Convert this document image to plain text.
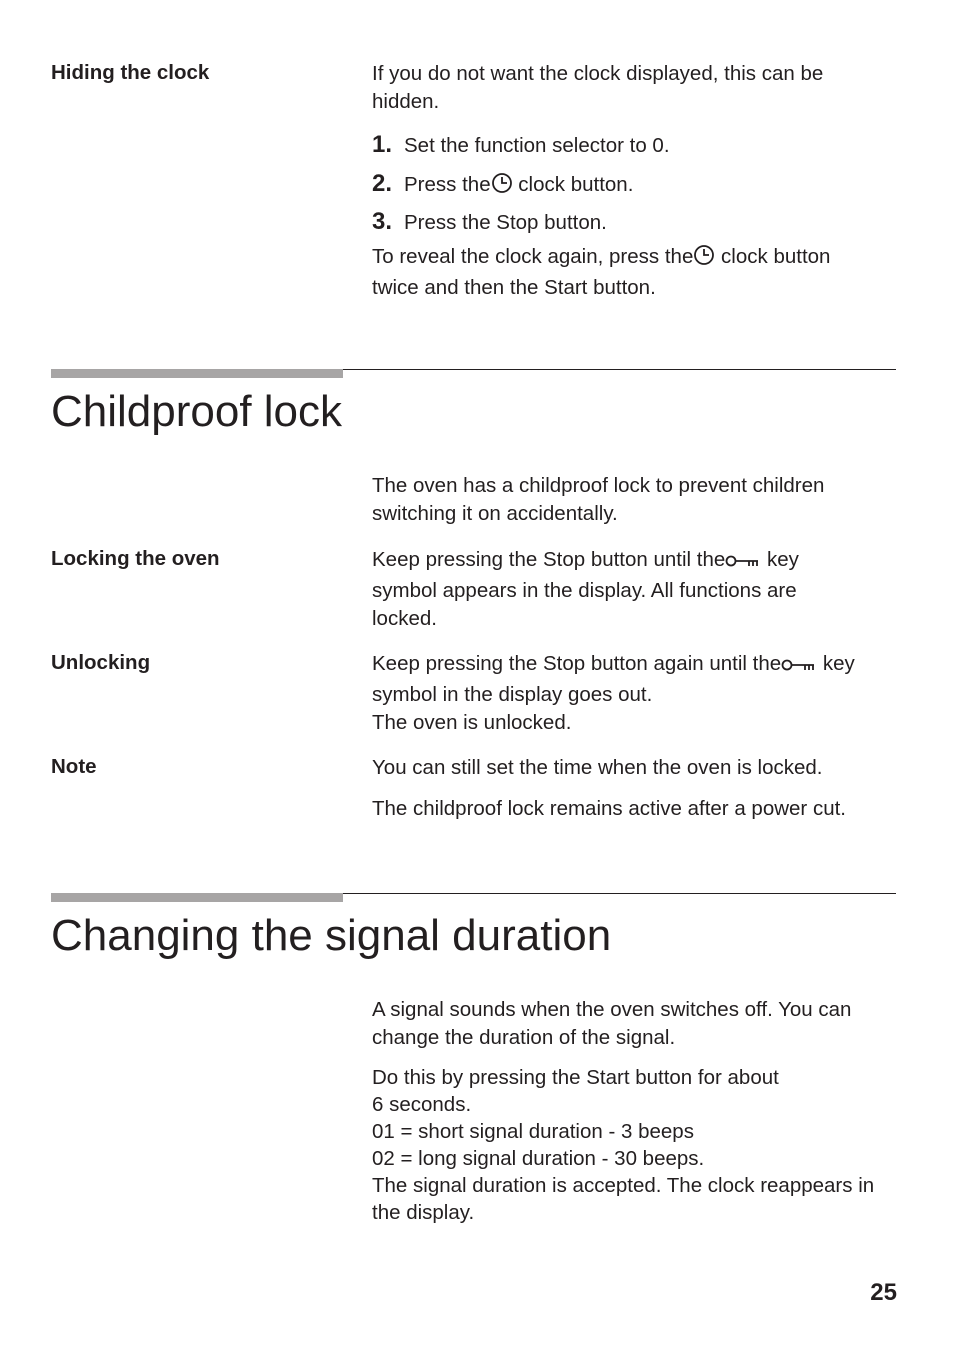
Hiding the clock	If you do not want the clock displayed, this can be hidden.
1. Set the function selector to 0.
2. Press the clock button.
3. Press the Stop button.
To reveal the clock again, press the clock button twice and then the Start button.
Childproof lock
The oven has a childproof lock to prevent children switching it on accidentally.
Locking the oven	Keep pressing the Stop button until the key symbol appears in the display. All functions are locked.
Unlocking	Keep pressing the Stop button again until the key symbol in the display goes out.
The oven is unlocked.
Note	You can still set the time when the oven is locked.
The childproof lock remains active after a power cut.
Changing the signal duration
A signal sounds when the oven switches off. You can change the duration of the signal.
Do this by pressing the Start button for about
6 seconds.
01 = short signal duration - 3 beeps
02 = long signal duration - 30 beeps.
The signal duration is accepted. The clock reappears in the display.
25
